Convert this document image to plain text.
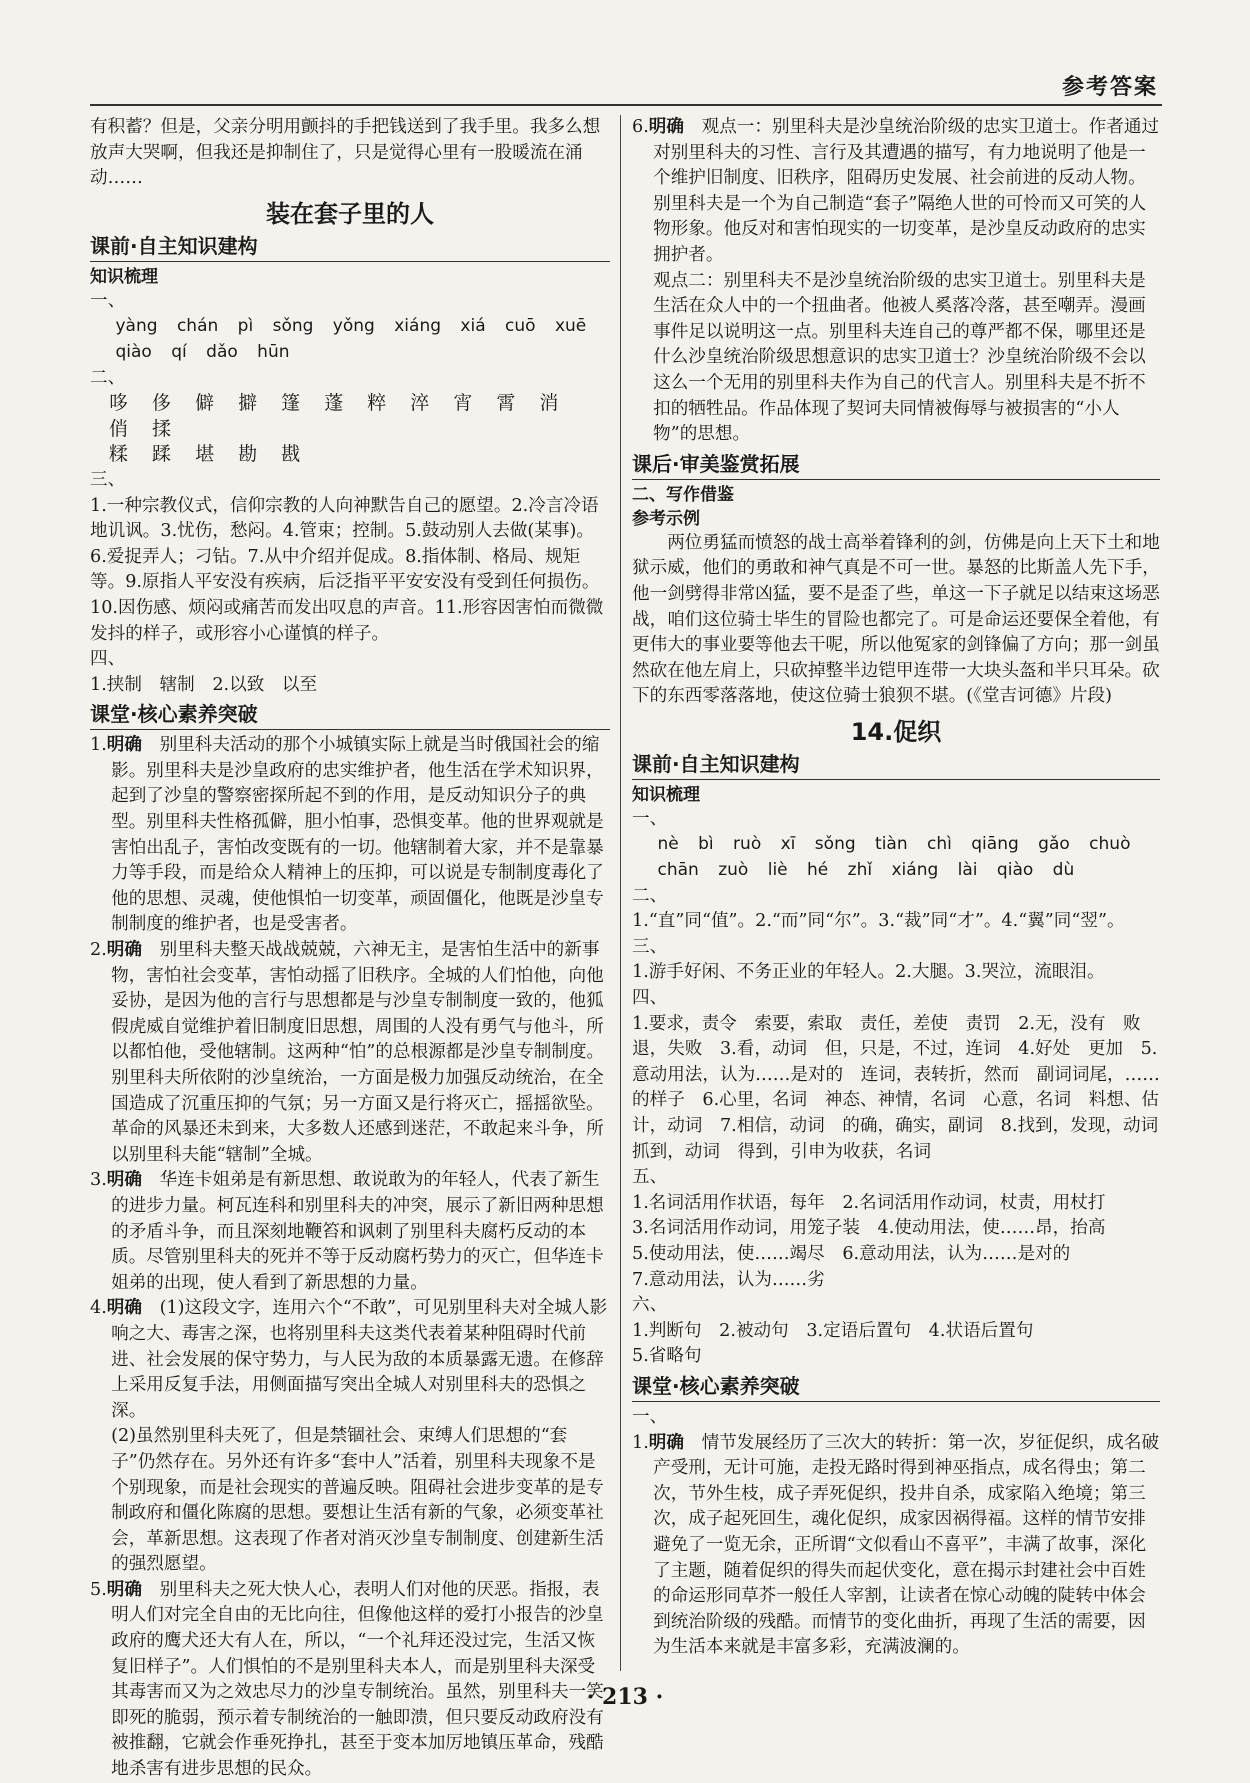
参考答案

有积蓄？但是，父亲分明用颤抖的手把钱送到了我手里。我多么想放声大哭啊，但我还是抑制住了，只是觉得心里有一股暖流在涌动……

装在套子里的人
课前·自主知识建构
知识梳理

一、

yàng chán pì sǒng yǒng xiáng xiá cuō xuē

qiào qí dǎo hūn

二、

哆 侈 僻 擗 篷 蓬 粹 淬 宵 霄 消 俏 揉

糅 蹂 堪 勘 戡

三、

1.一种宗教仪式，信仰宗教的人向神默告自己的愿望。2.冷言冷语地讥讽。3.忧伤，愁闷。4.管束；控制。5.鼓动别人去做(某事)。6.爱捉弄人；刁钻。7.从中介绍并促成。8.指体制、格局、规矩等。9.原指人平安没有疾病，后泛指平平安安没有受到任何损伤。10.因伤感、烦闷或痛苦而发出叹息的声音。11.形容因害怕而微微发抖的样子，或形容小心谨慎的样子。

四、

1.挟制　辖制　2.以致　以至

课堂·核心素养突破

1.明确　 别里科夫活动的那个小城镇实际上就是当时俄国社会的缩影。别里科夫是沙皇政府的忠实维护者，他生活在学术知识界，起到了沙皇的警察密探所起不到的作用，是反动知识分子的典型。别里科夫性格孤僻，胆小怕事，恐惧变革。他的世界观就是害怕出乱子，害怕改变既有的一切。他辖制着大家，并不是靠暴力等手段，而是给众人精神上的压抑，可以说是专制制度毒化了他的思想、灵魂，使他惧怕一切变革，顽固僵化，他既是沙皇专制制度的维护者，也是受害者。

2.明确　 别里科夫整天战战兢兢，六神无主，是害怕生活中的新事物，害怕社会变革，害怕动摇了旧秩序。全城的人们怕他，向他妥协，是因为他的言行与思想都是与沙皇专制制度一致的，他狐假虎威自觉维护着旧制度旧思想，周围的人没有勇气与他斗，所以都怕他，受他辖制。这两种“怕”的总根源都是沙皇专制制度。别里科夫所依附的沙皇统治，一方面是极力加强反动统治，在全国造成了沉重压抑的气氛；另一方面又是行将灭亡，摇摇欲坠。革命的风暴还未到来，大多数人还感到迷茫，不敢起来斗争，所以别里科夫能“辖制”全城。

3.明确　 华连卡姐弟是有新思想、敢说敢为的年轻人，代表了新生的进步力量。柯瓦连科和别里科夫的冲突，展示了新旧两种思想的矛盾斗争，而且深刻地鞭笞和讽刺了别里科夫腐朽反动的本质。尽管别里科夫的死并不等于反动腐朽势力的灭亡，但华连卡姐弟的出现，使人看到了新思想的力量。

4.明确　 (1)这段文字，连用六个“不敢”，可见别里科夫对全城人影响之大、毒害之深，也将别里科夫这类代表着某种阻碍时代前进、社会发展的保守势力，与人民为敌的本质暴露无遗。在修辞上采用反复手法，用侧面描写突出全城人对别里科夫的恐惧之深。

(2)虽然别里科夫死了，但是禁锢社会、束缚人们思想的“套子”仍然存在。另外还有许多“套中人”活着，别里科夫现象不是个别现象，而是社会现实的普遍反映。阻碍社会进步变革的是专制政府和僵化陈腐的思想。要想让生活有新的气象，必须变革社会，革新思想。这表现了作者对消灭沙皇专制制度、创建新生活的强烈愿望。

5.明确　 别里科夫之死大快人心，表明人们对他的厌恶。指报，表明人们对完全自由的无比向往，但像他这样的爱打小报告的沙皇政府的鹰犬还大有人在，所以，“一个礼拜还没过完，生活又恢复旧样子”。人们惧怕的不是别里科夫本人，而是别里科夫深受其毒害而又为之效忠尽力的沙皇专制统治。虽然，别里科夫一笑即死的脆弱，预示着专制统治的一触即溃，但只要反动政府没有被推翻，它就会作垂死挣扎，甚至于变本加厉地镇压革命，残酷地杀害有进步思想的民众。

6.明确　 观点一：别里科夫是沙皇统治阶级的忠实卫道士。作者通过对别里科夫的习性、言行及其遭遇的描写，有力地说明了他是一个维护旧制度、旧秩序，阻碍历史发展、社会前进的反动人物。别里科夫是一个为自己制造“套子”隔绝人世的可怜而又可笑的人物形象。他反对和害怕现实的一切变革，是沙皇反动政府的忠实拥护者。

观点二：别里科夫不是沙皇统治阶级的忠实卫道士。别里科夫是生活在众人中的一个扭曲者。他被人奚落冷落，甚至嘲弄。漫画事件足以说明这一点。别里科夫连自己的尊严都不保，哪里还是什么沙皇统治阶级思想意识的忠实卫道士？沙皇统治阶级不会以这么一个无用的别里科夫作为自己的代言人。别里科夫是不折不扣的牺牲品。作品体现了契诃夫同情被侮辱与被损害的“小人物”的思想。

课后·审美鉴赏拓展
二、写作借鉴
参考示例

两位勇猛而愤怒的战士高举着锋利的剑，仿佛是向上天下土和地狱示威，他们的勇敢和神气真是不可一世。暴怒的比斯盖人先下手，他一剑劈得非常凶猛，要不是歪了些，单这一下子就足以结束这场恶战，咱们这位骑士毕生的冒险也都完了。可是命运还要保全着他，有更伟大的事业要等他去干呢，所以他冤家的剑锋偏了方向；那一剑虽然砍在他左肩上，只砍掉整半边铠甲连带一大块头盔和半只耳朵。砍下的东西零落落地，使这位骑士狼狈不堪。(《堂吉诃德》片段)

14.促织
课前·自主知识建构
知识梳理

一、

nè bì ruò xī sǒng tiàn chì qiāng gǎo chuò

chān zuò liè hé zhǐ xiáng lài qiào dù

二、

1.“直”同“值”。2.“而”同“尔”。3.“裁”同“才”。4.“翼”同“翌”。

三、

1.游手好闲、不务正业的年轻人。2.大腿。3.哭泣，流眼泪。

四、

1.要求，责令　索要，索取　责任，差使　责罚　2.无，没有　败退，失败　3.看，动词　但，只是，不过，连词　4.好处　更加　5.意动用法，认为……是对的　连词，表转折，然而　副词词尾，……的样子　6.心里，名词　神态、神情，名词　心意，名词　料想、估计，动词　7.相信，动词　的确，确实，副词　8.找到，发现，动词　抓到，动词　得到，引申为收获，名词

五、

1.名词活用作状语，每年　2.名词活用作动词，杖责，用杖打

3.名词活用作动词，用笼子装　4.使动用法，使……昂，抬高

5.使动用法，使……竭尽　6.意动用法，认为……是对的

7.意动用法，认为……劣

六、

1.判断句　2.被动句　3.定语后置句　4.状语后置句

5.省略句

课堂·核心素养突破

一、

1.明确　 情节发展经历了三次大的转折：第一次，岁征促织，成名破产受刑，无计可施，走投无路时得到神巫指点，成名得虫；第二次，节外生枝，成子弄死促织，投井自杀，成家陷入绝境；第三次，成子起死回生，魂化促织，成家因祸得福。这样的情节安排避免了一览无余，正所谓“文似看山不喜平”，丰满了故事，深化了主题，随着促织的得失而起伏变化，意在揭示封建社会中百姓的命运形同草芥一般任人宰割，让读者在惊心动魄的陡转中体会到统治阶级的残酷。而情节的变化曲折，再现了生活的需要，因为生活本来就是丰富多彩，充满波澜的。

· 213 ·
